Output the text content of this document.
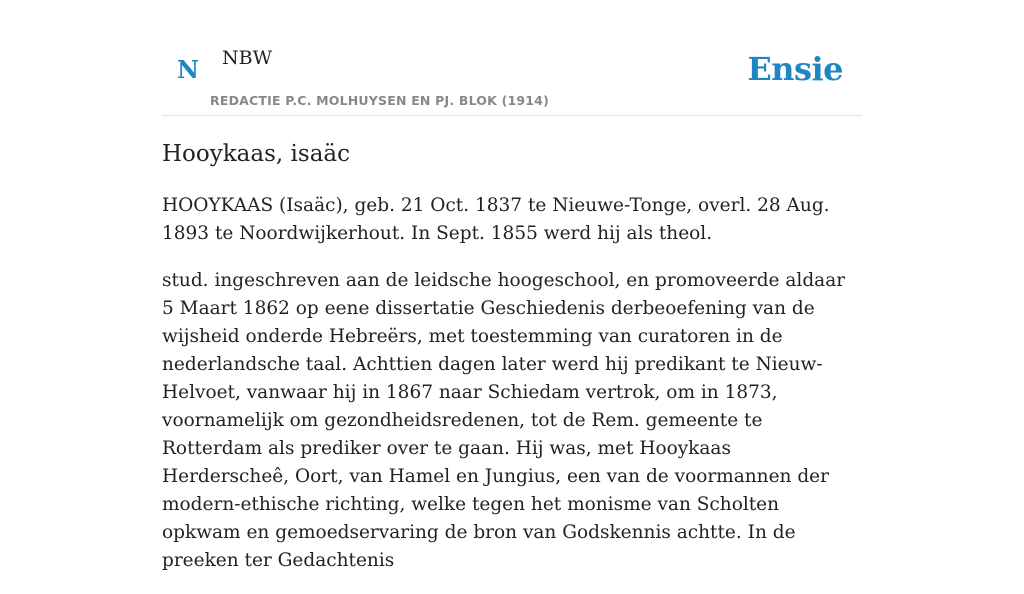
N NBW
REDACTIE P.C. MOLHUYSEN EN PJ. BLOK (1914)
Ensie
Hooykaas, isaäc

HOOYKAAS (Isaäc), geb. 21 Oct. 1837 te Nieuwe-Tonge, overl. 28 Aug. 1893 te Noordwijkerhout. In Sept. 1855 werd hij als theol.

stud. ingeschreven aan de leidsche hoogeschool, en promoveerde aldaar 5 Maart 1862 op eene dissertatie Geschiedenis derbeoefening van de wijsheid onderde Hebreërs, met toestemming van curatoren in de nederlandsche taal. Achttien dagen later werd hij predikant te Nieuw-Helvoet, vanwaar hij in 1867 naar Schiedam vertrok, om in 1873, voornamelijk om gezondheidsredenen, tot de Rem. gemeente te Rotterdam als prediker over te gaan. Hij was, met Hooykaas Herderscheê, Oort, van Hamel en Jungius, een van de voormannen der modern-ethische richting, welke tegen het monisme van Scholten opkwam en gemoedservaring de bron van Godskennis achtte. In de preeken ter Gedachtenis
